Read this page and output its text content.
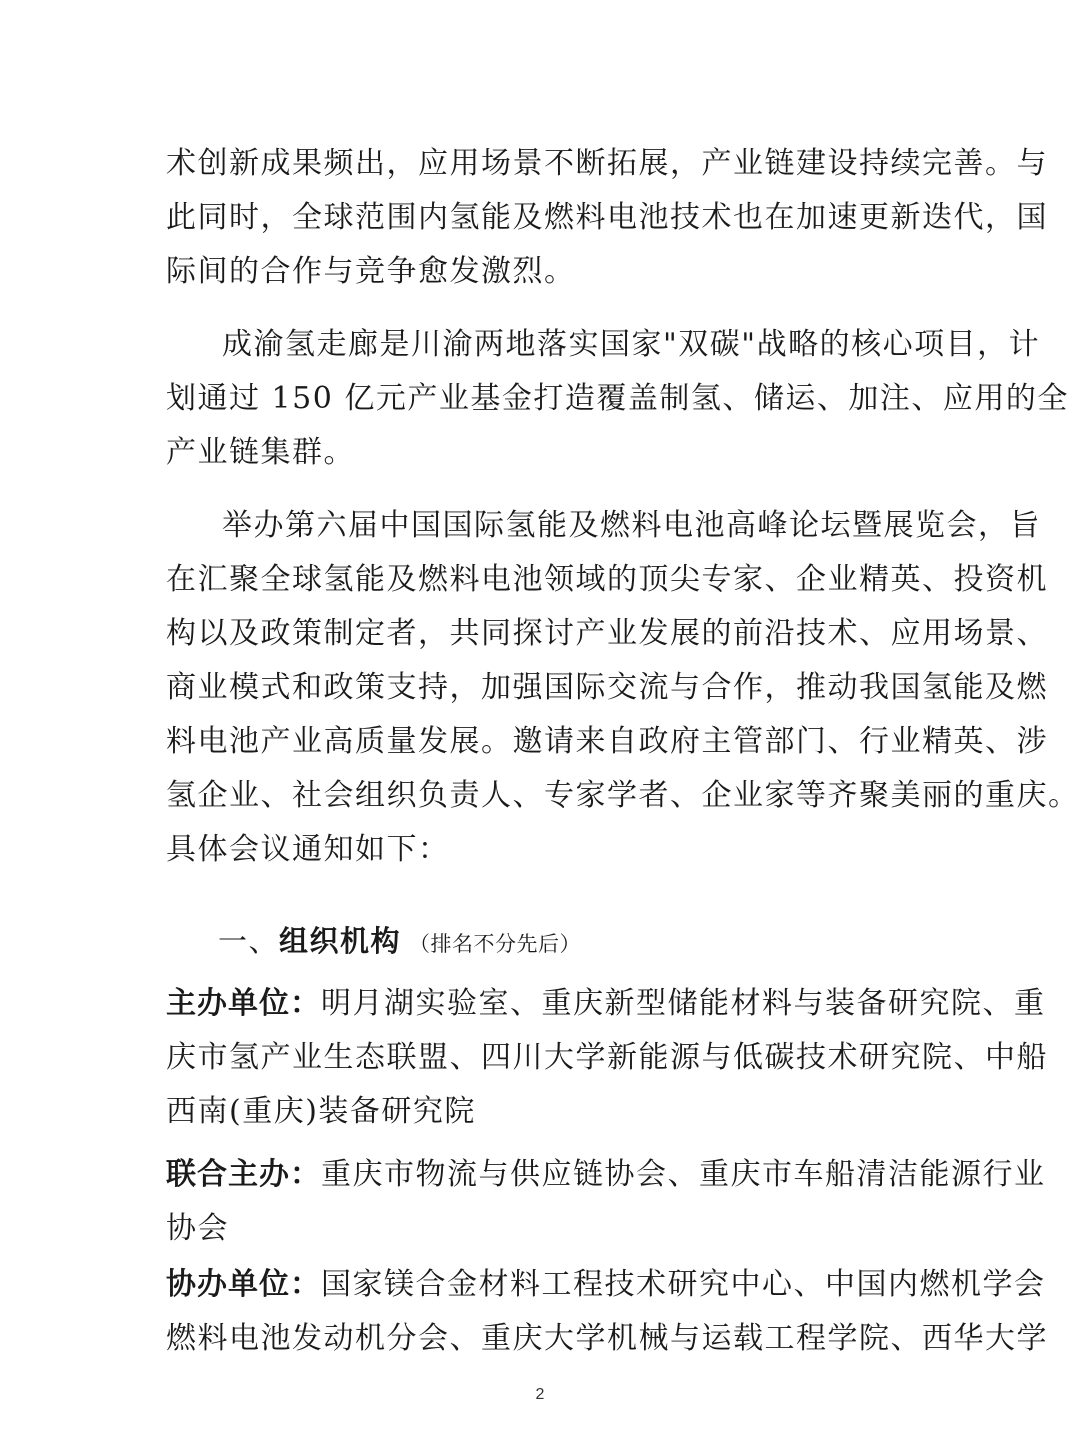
术创新成果频出，应用场景不断拓展，产业链建设持续完善。与
此同时，全球范围内氢能及燃料电池技术也在加速更新迭代，国
际间的合作与竞争愈发激烈。
成渝氢走廊是川渝两地落实国家"双碳"战略的核心项目，计
划通过 150 亿元产业基金打造覆盖制氢、储运、加注、应用的全
产业链集群。
举办第六届中国国际氢能及燃料电池高峰论坛暨展览会，旨
在汇聚全球氢能及燃料电池领域的顶尖专家、企业精英、投资机
构以及政策制定者，共同探讨产业发展的前沿技术、应用场景、
商业模式和政策支持，加强国际交流与合作，推动我国氢能及燃
料电池产业高质量发展。邀请来自政府主管部门、行业精英、涉
氢企业、社会组织负责人、专家学者、企业家等齐聚美丽的重庆。
具体会议通知如下：
一、组织机构 （排名不分先后）
主办单位：明月湖实验室、重庆新型储能材料与装备研究院、重
庆市氢产业生态联盟、四川大学新能源与低碳技术研究院、中船
西南(重庆)装备研究院
联合主办：重庆市物流与供应链协会、重庆市车船清洁能源行业
协会
协办单位：国家镁合金材料工程技术研究中心、中国内燃机学会
燃料电池发动机分会、重庆大学机械与运载工程学院、西华大学
2
